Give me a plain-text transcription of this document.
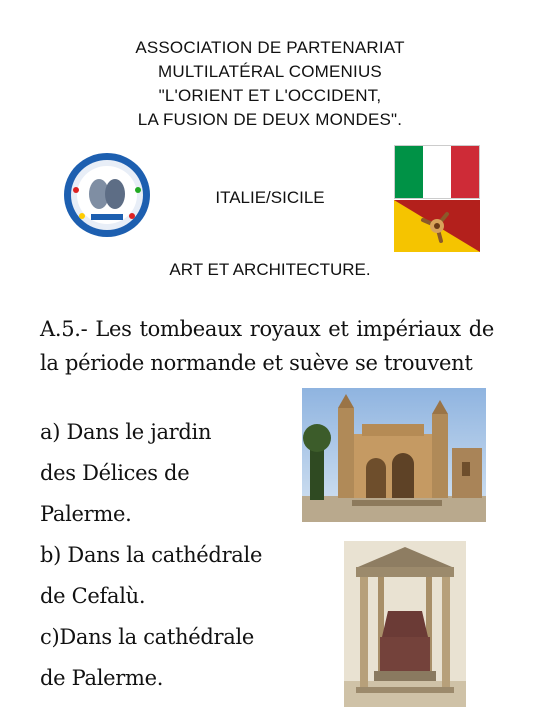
ASSOCIATION DE PARTENARIAT
MULTILATÉRAL COMENIUS
"L'ORIENT ET L'OCCIDENT,
LA FUSION DE DEUX MONDES".
ITALIE/SICILE
ART ET ARCHITECTURE.
A.5.- Les tombeaux royaux et impériaux de la période normande et suève se trouvent
a) Dans le jardin
des Délices de
Palerme.
b) Dans la cathédrale
de Cefalù.
c)Dans la cathédrale
de Palerme.
